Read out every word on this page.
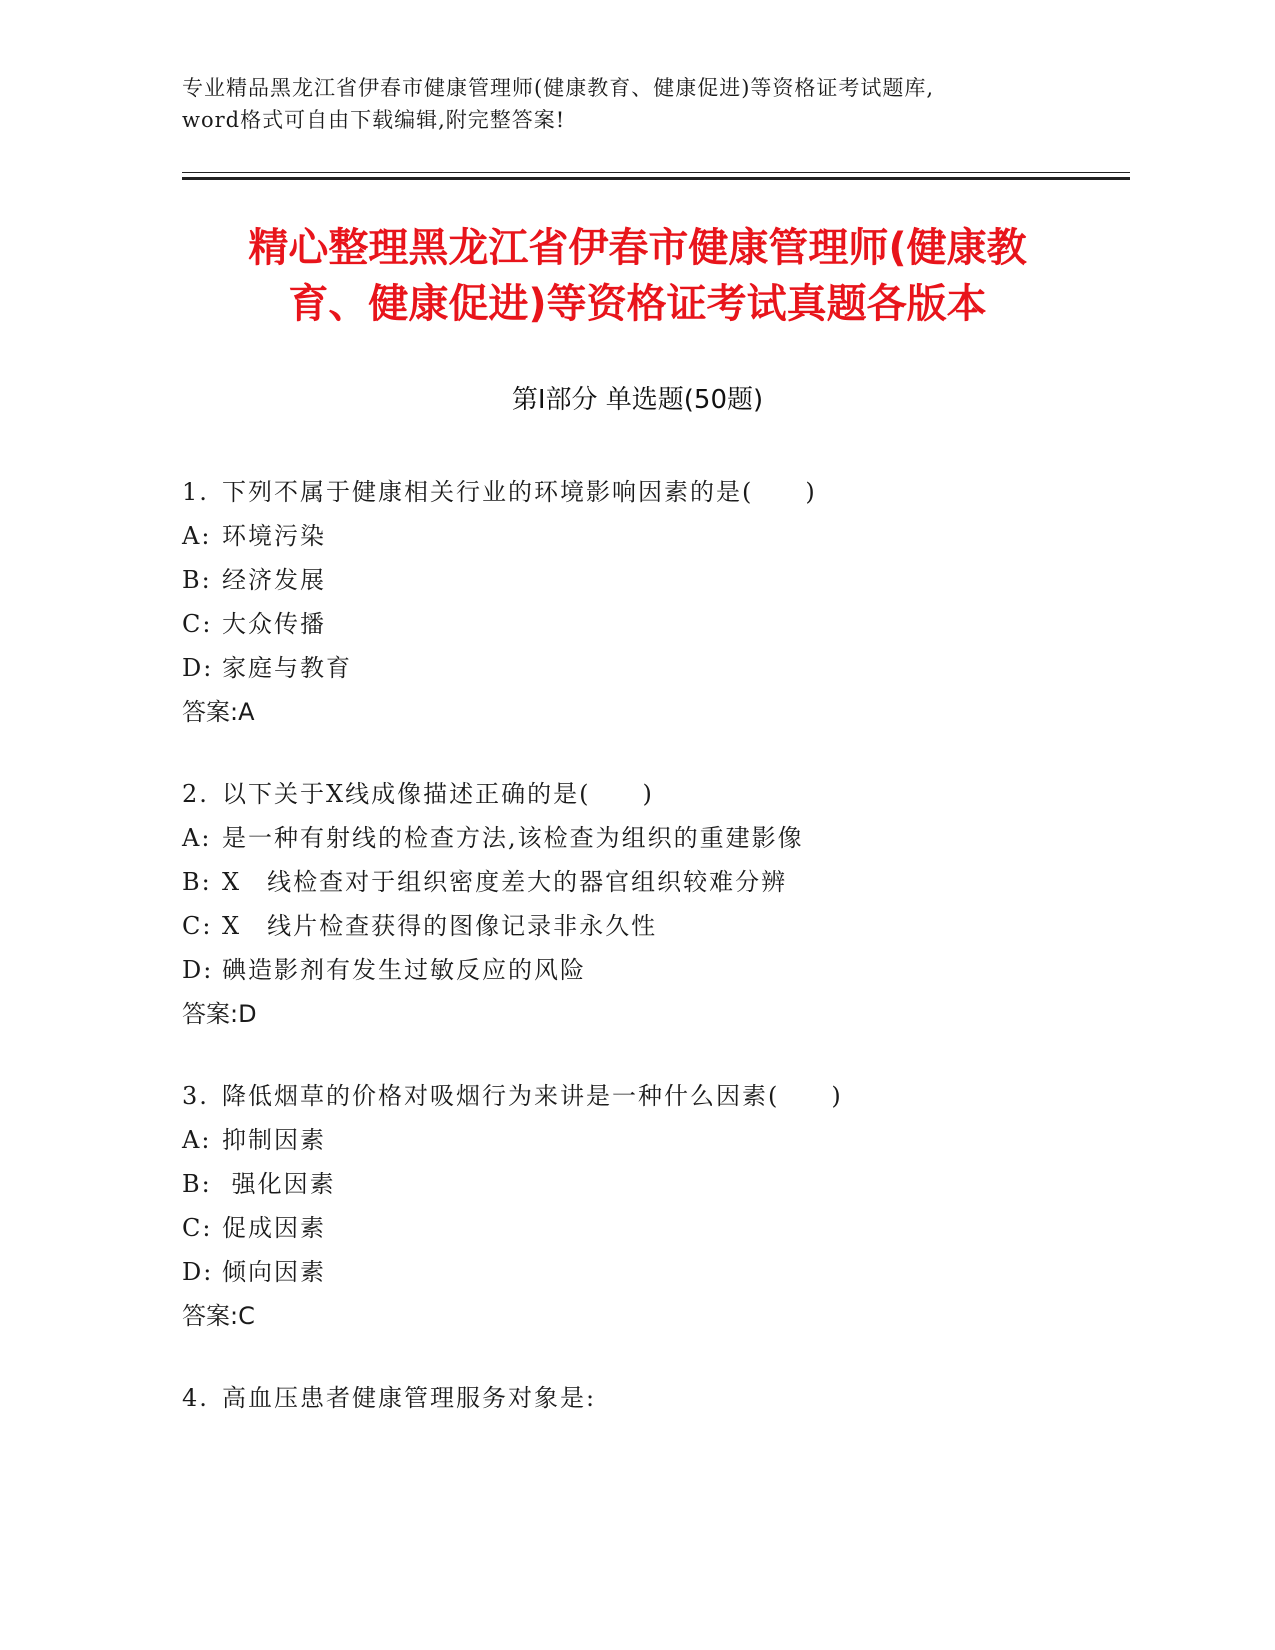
专业精品黑龙江省伊春市健康管理师(健康教育、健康促进)等资格证考试题库,
word格式可自由下载编辑,附完整答案!
精心整理黑龙江省伊春市健康管理师(健康教
育、健康促进)等资格证考试真题各版本
第Ⅰ部分 单选题(50题)
1. 下列不属于健康相关行业的环境影响因素的是(　　)
A: 环境污染
B: 经济发展
C: 大众传播
D: 家庭与教育
答案:A
2. 以下关于X线成像描述正确的是(　　)
A: 是一种有射线的检查方法,该检查为组织的重建影像
B: X　线检查对于组织密度差大的器官组织较难分辨
C: X　线片检查获得的图像记录非永久性
D: 碘造影剂有发生过敏反应的风险
答案:D
3. 降低烟草的价格对吸烟行为来讲是一种什么因素(　　)
A: 抑制因素
B: 强化因素
C: 促成因素
D: 倾向因素
答案:C
4. 高血压患者健康管理服务对象是:
